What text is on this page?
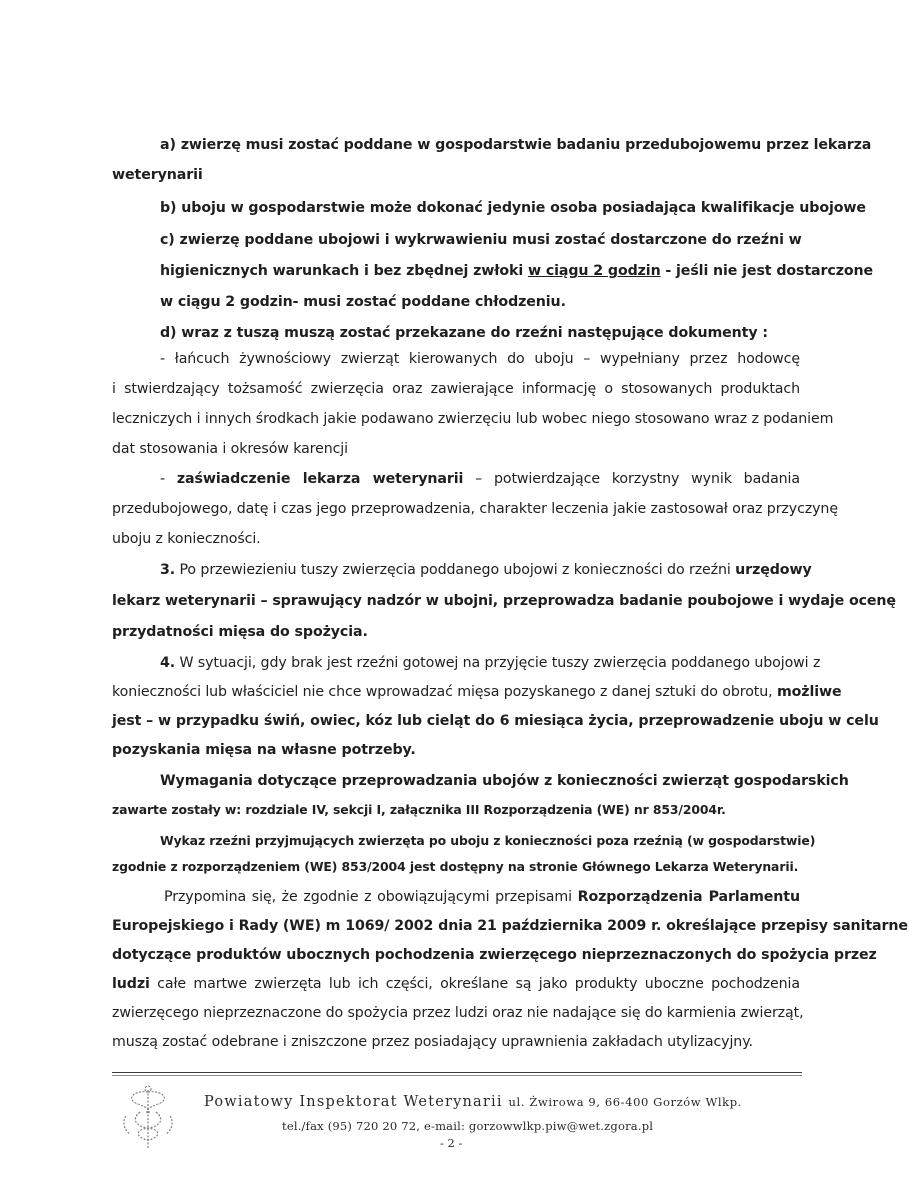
a) zwierzę musi zostać poddane w gospodarstwie badaniu przedubojowemu przez lekarza
weterynarii
b) uboju w gospodarstwie może dokonać jedynie osoba posiadająca kwalifikacje ubojowe
c) zwierzę poddane ubojowi i wykrwawieniu musi zostać dostarczone do rzeźni w
higienicznych warunkach i bez zbędnej zwłoki w ciągu 2 godzin - jeśli nie jest dostarczone
w ciągu 2 godzin- musi zostać poddane chłodzeniu.
d) wraz z tuszą muszą zostać przekazane do rzeźni następujące dokumenty :
- łańcuch żywnościowy zwierząt kierowanych do uboju – wypełniany przez hodowcę
i stwierdzający tożsamość zwierzęcia oraz zawierające informację o stosowanych produktach
leczniczych i innych środkach jakie podawano zwierzęciu lub wobec niego stosowano wraz z podaniem
dat stosowania i okresów karencji
- zaświadczenie lekarza weterynarii – potwierdzające korzystny wynik badania
przedubojowego, datę i czas jego przeprowadzenia, charakter leczenia jakie zastosował oraz przyczynę
uboju z konieczności.
3. Po przewiezieniu tuszy zwierzęcia poddanego ubojowi z konieczności do rzeźni urzędowy
lekarz weterynarii – sprawujący nadzór w ubojni, przeprowadza badanie poubojowe i wydaje ocenę
przydatności mięsa do spożycia.
4. W sytuacji, gdy brak jest rzeźni gotowej na przyjęcie tuszy zwierzęcia poddanego ubojowi z
konieczności lub właściciel nie chce wprowadzać mięsa pozyskanego z danej sztuki do obrotu, możliwe
jest – w przypadku świń, owiec, kóz lub cieląt do 6 miesiąca życia, przeprowadzenie uboju w celu
pozyskania mięsa na własne potrzeby.
Wymagania dotyczące przeprowadzania ubojów z konieczności zwierząt gospodarskich
zawarte zostały w: rozdziale IV, sekcji I, załącznika III Rozporządzenia (WE) nr 853/2004r.
Wykaz rzeźni przyjmujących zwierzęta po uboju z konieczności poza rzeźnią (w gospodarstwie)
zgodnie z rozporządzeniem (WE) 853/2004 jest dostępny na stronie Głównego Lekarza Weterynarii.
Przypomina się, że zgodnie z obowiązującymi przepisami Rozporządzenia Parlamentu
Europejskiego i Rady (WE) m 1069/ 2002 dnia 21 października 2009 r. określające przepisy sanitarne
dotyczące produktów ubocznych pochodzenia zwierzęcego nieprzeznaczonych do spożycia przez
ludzi całe martwe zwierzęta lub ich części, określane są jako produkty uboczne pochodzenia
zwierzęcego nieprzeznaczone do spożycia przez ludzi oraz nie nadające się do karmienia zwierząt,
muszą zostać odebrane i zniszczone przez posiadający uprawnienia zakładach utylizacyjny.
Powiatowy Inspektorat Weterynarii ul. Żwirowa 9, 66-400 Gorzów Wlkp.
tel./fax (95) 720 20 72, e-mail: gorzowwlkp.piw@wet.zgora.pl
- 2 -
